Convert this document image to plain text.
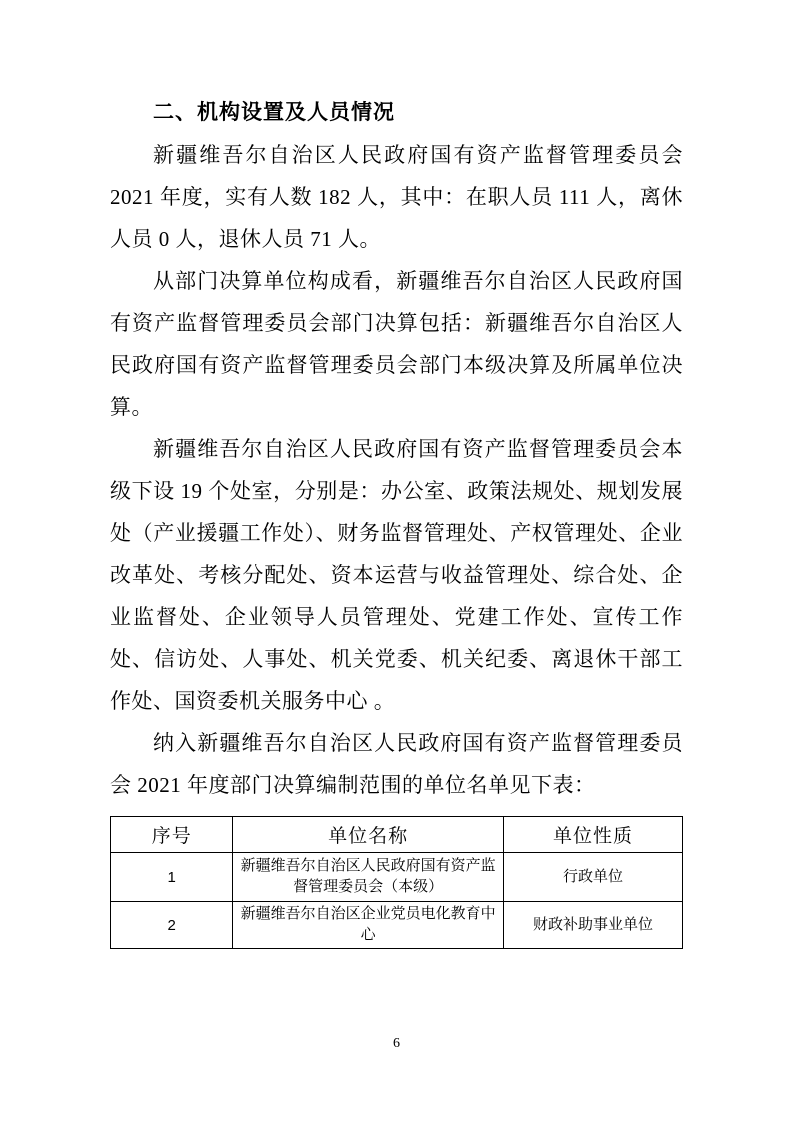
二、机构设置及人员情况

新疆维吾尔自治区人民政府国有资产监督管理委员会 2021 年度，实有人数 182 人，其中：在职人员 111 人，离休人员 0 人，退休人员 71 人。

从部门决算单位构成看，新疆维吾尔自治区人民政府国有资产监督管理委员会部门决算包括：新疆维吾尔自治区人民政府国有资产监督管理委员会部门本级决算及所属单位决算。

新疆维吾尔自治区人民政府国有资产监督管理委员会本级下设 19 个处室，分别是：办公室、政策法规处、规划发展处（产业援疆工作处）、财务监督管理处、产权管理处、企业改革处、考核分配处、资本运营与收益管理处、综合处、企业监督处、企业领导人员管理处、党建工作处、宣传工作处、信访处、人事处、机关党委、机关纪委、离退休干部工作处、国资委机关服务中心 。

纳入新疆维吾尔自治区人民政府国有资产监督管理委员会 2021 年度部门决算编制范围的单位名单见下表：

序号	单位名称	单位性质
1	新疆维吾尔自治区人民政府国有资产监督管理委员会（本级）	行政单位
2	新疆维吾尔自治区企业党员电化教育中心	财政补助事业单位
6
